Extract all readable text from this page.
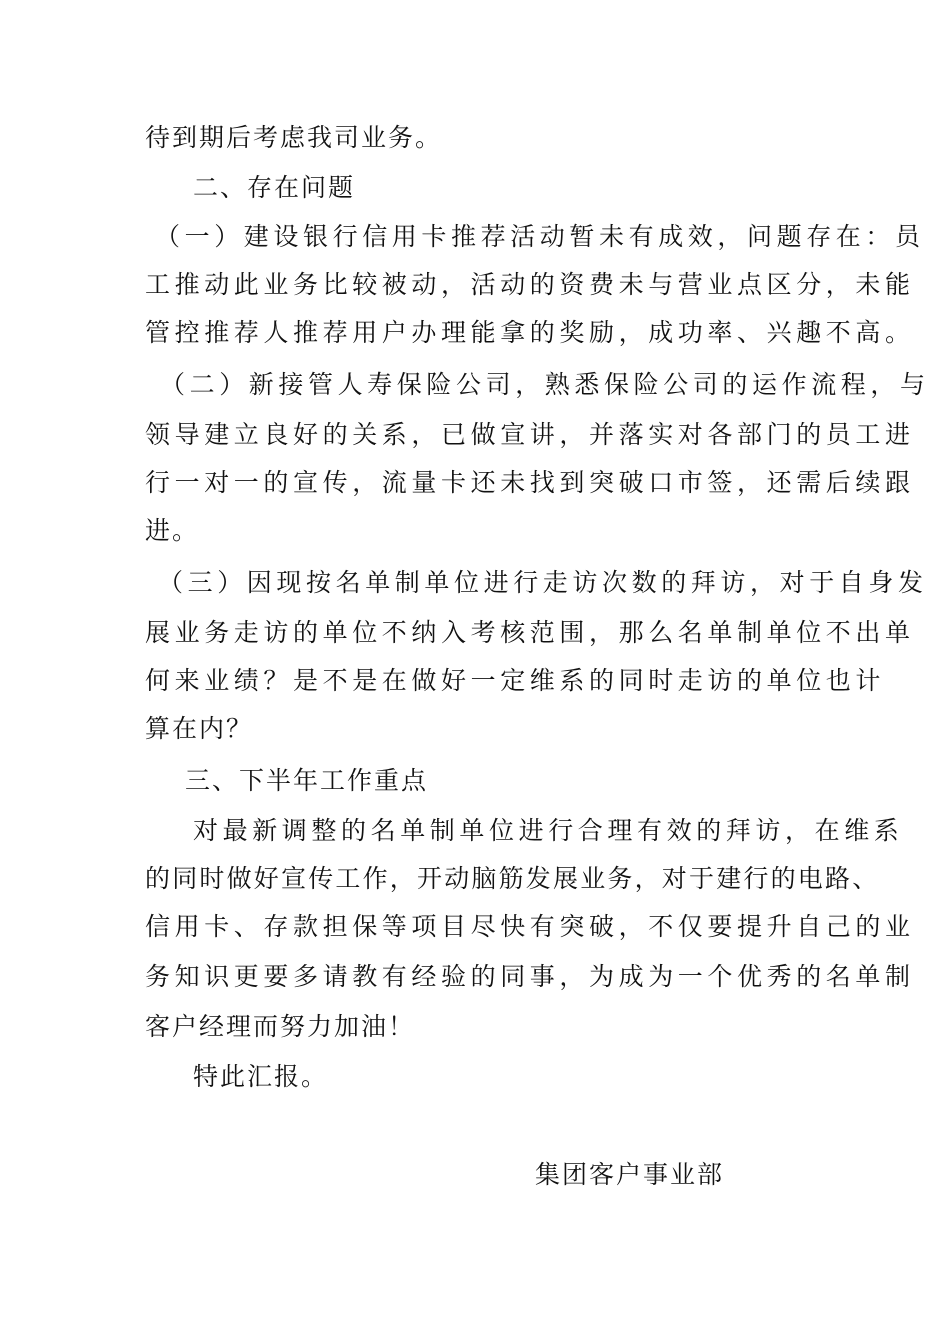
待到期后考虑我司业务。
二、存在问题
（一）建设银行信用卡推荐活动暂未有成效，问题存在：员
工推动此业务比较被动，活动的资费未与营业点区分，未能
管控推荐人推荐用户办理能拿的奖励，成功率、兴趣不高。
（二）新接管人寿保险公司，熟悉保险公司的运作流程，与
领导建立良好的关系，已做宣讲，并落实对各部门的员工进
行一对一的宣传，流量卡还未找到突破口市签，还需后续跟
进。
（三）因现按名单制单位进行走访次数的拜访，对于自身发
展业务走访的单位不纳入考核范围，那么名单制单位不出单
何来业绩？是不是在做好一定维系的同时走访的单位也计
算在内？
三、下半年工作重点
对最新调整的名单制单位进行合理有效的拜访，在维系
的同时做好宣传工作，开动脑筋发展业务，对于建行的电路、
信用卡、存款担保等项目尽快有突破，不仅要提升自己的业
务知识更要多请教有经验的同事，为成为一个优秀的名单制
客户经理而努力加油！
特此汇报。
集团客户事业部
